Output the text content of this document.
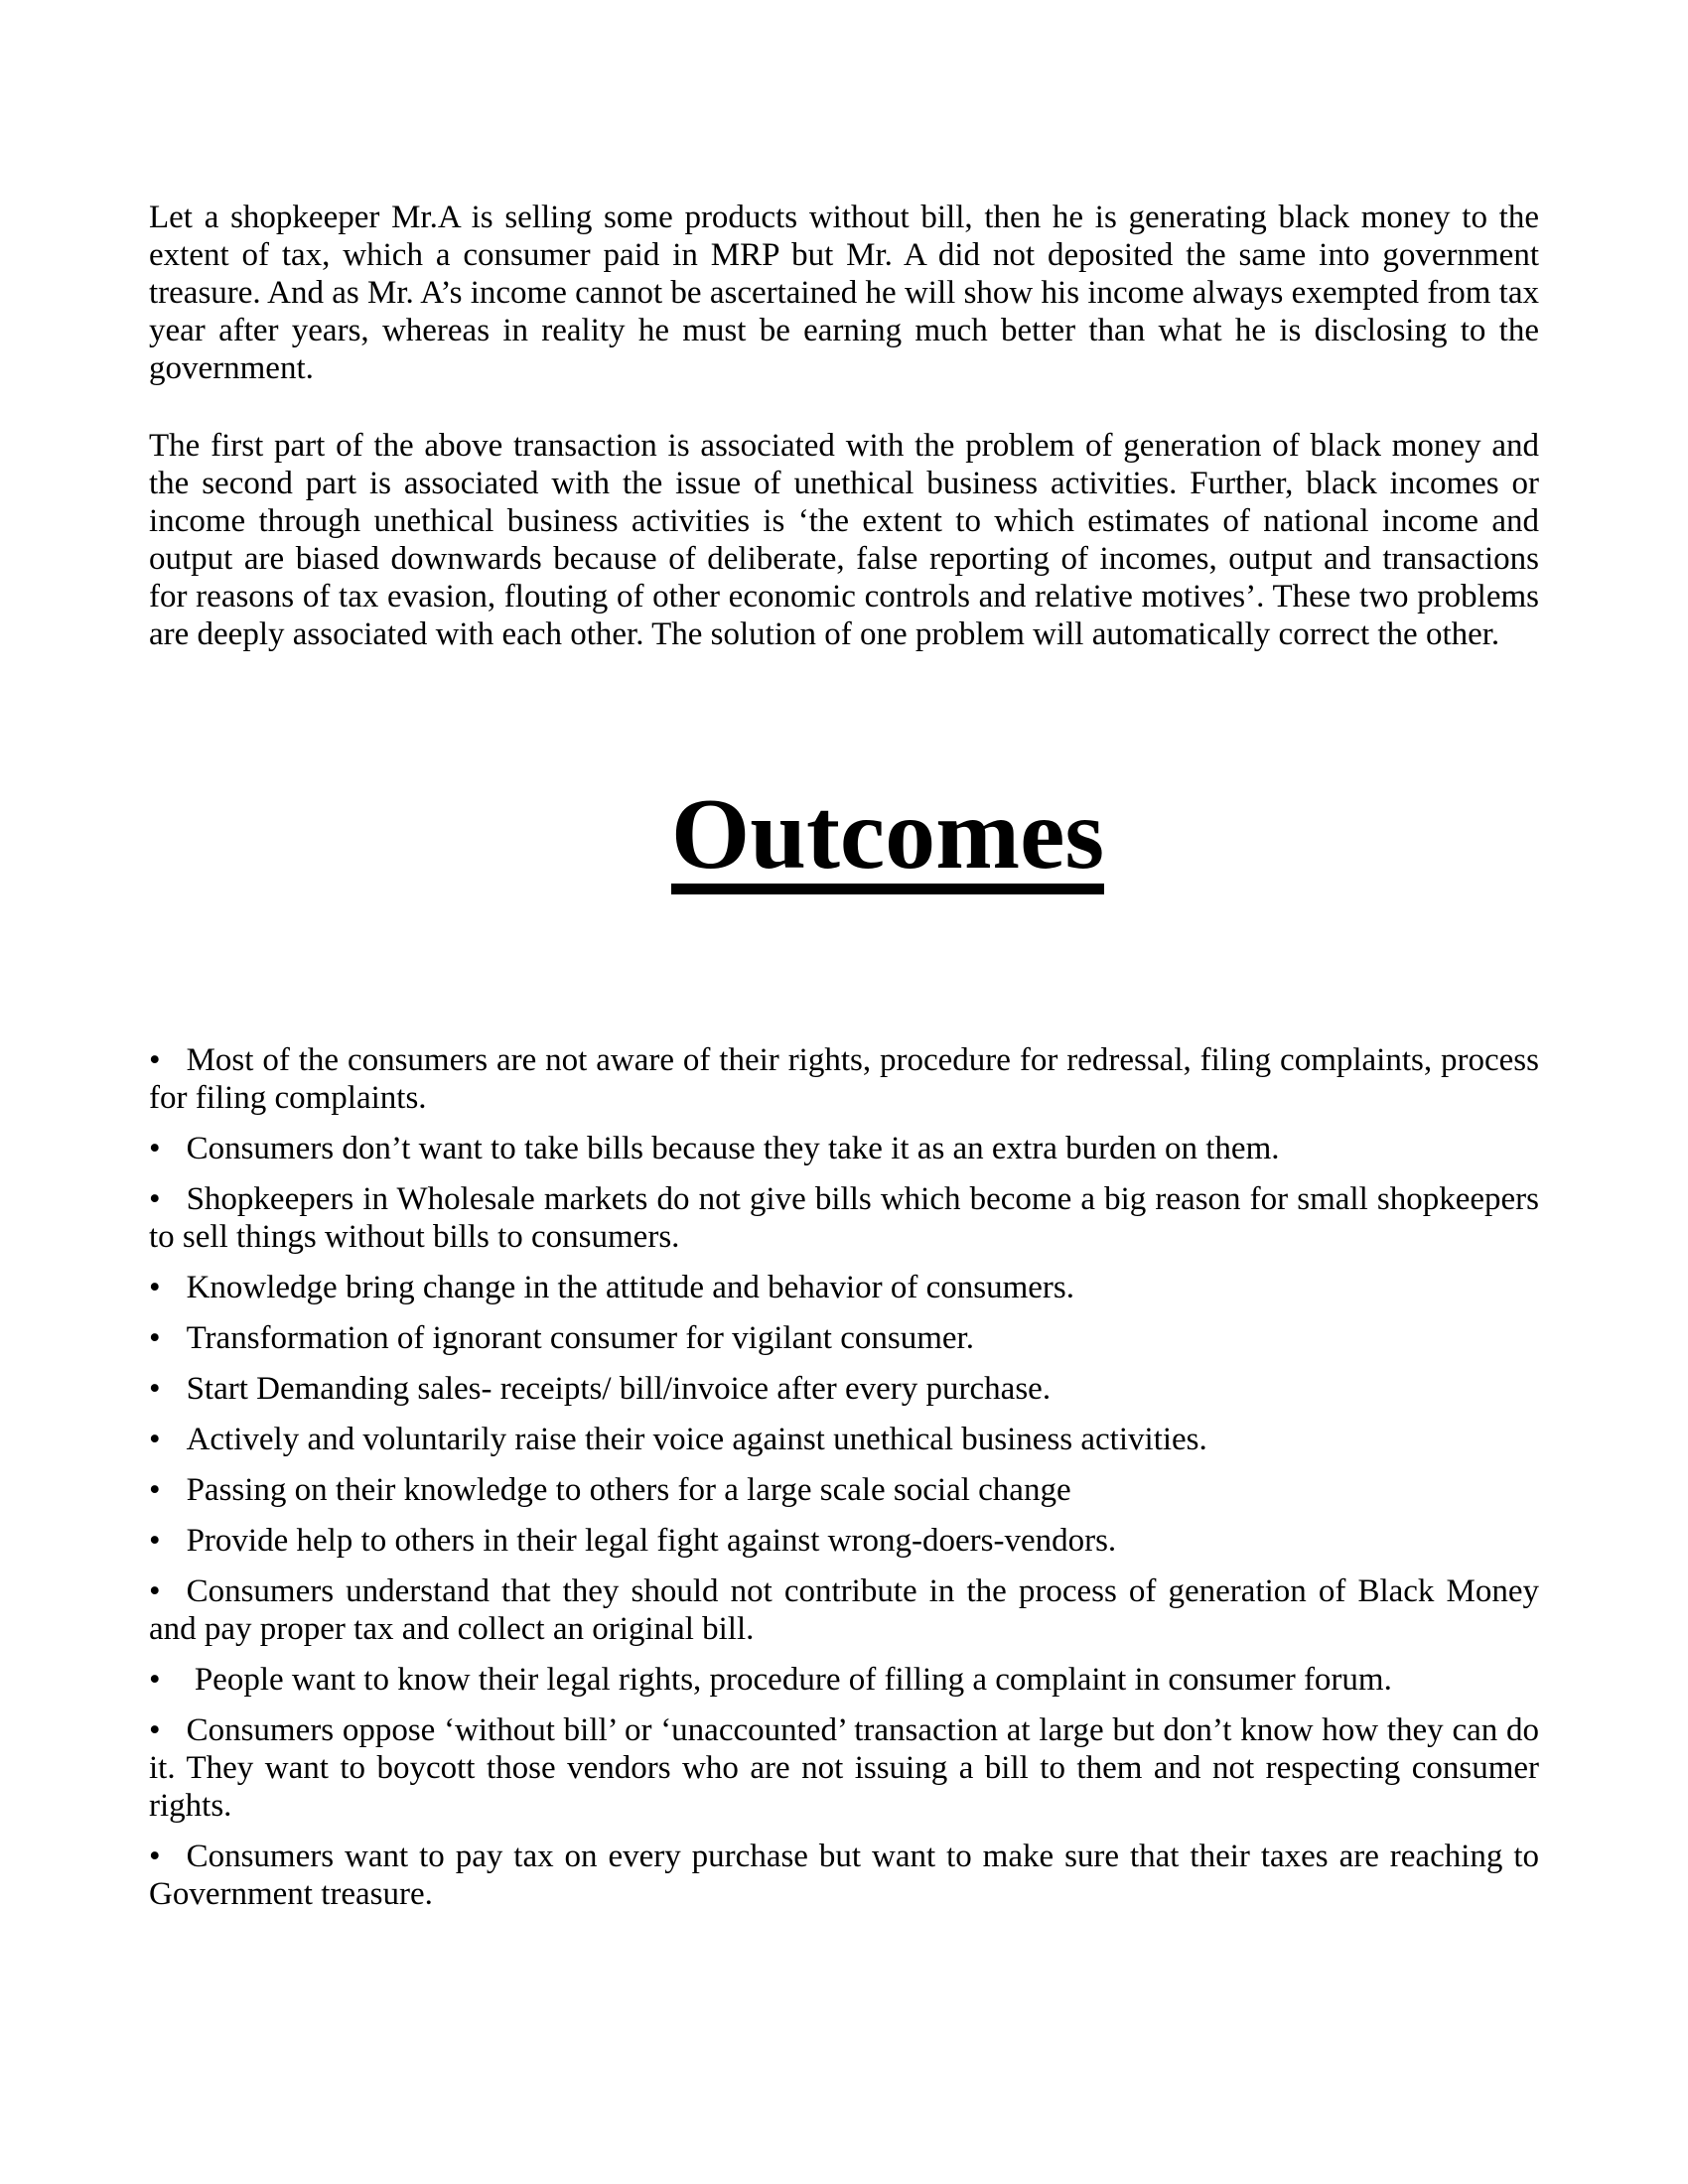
Let a shopkeeper Mr.A is selling some products without bill, then he is generating black money to the extent of tax, which a consumer paid in MRP but Mr. A did not deposited the same into government treasure. And as Mr. A’s income cannot be ascertained he will show his income always exempted from tax year after years, whereas in reality he must be earning much better than what he is disclosing to the government.

The first part of the above transaction is associated with the problem of generation of black money and the second part is associated with the issue of unethical business activities. Further, black incomes or income through unethical business activities is ‘the extent to which estimates of national income and output are biased downwards because of deliberate, false reporting of incomes, output and transactions for reasons of tax evasion, flouting of other economic controls and relative motives’. These two problems are deeply associated with each other. The solution of one problem will automatically correct the other.

Outcomes

• Most of the consumers are not aware of their rights, procedure for redressal, filing complaints, process for filing complaints.

• Consumers don’t want to take bills because they take it as an extra burden on them.

• Shopkeepers in Wholesale markets do not give bills which become a big reason for small shopkeepers to sell things without bills to consumers.

• Knowledge bring change in the attitude and behavior of consumers.

• Transformation of ignorant consumer for vigilant consumer.

• Start Demanding sales- receipts/ bill/invoice after every purchase.

• Actively and voluntarily raise their voice against unethical business activities.

• Passing on their knowledge to others for a large scale social change

• Provide help to others in their legal fight against wrong-doers-vendors.

• Consumers understand that they should not contribute in the process of generation of Black Money and pay proper tax and collect an original bill.

• People want to know their legal rights, procedure of filling a complaint in consumer forum.

• Consumers oppose ‘without bill’ or ‘unaccounted’ transaction at large but don’t know how they can do it. They want to boycott those vendors who are not issuing a bill to them and not respecting consumer rights.

• Consumers want to pay tax on every purchase but want to make sure that their taxes are reaching to Government treasure.
